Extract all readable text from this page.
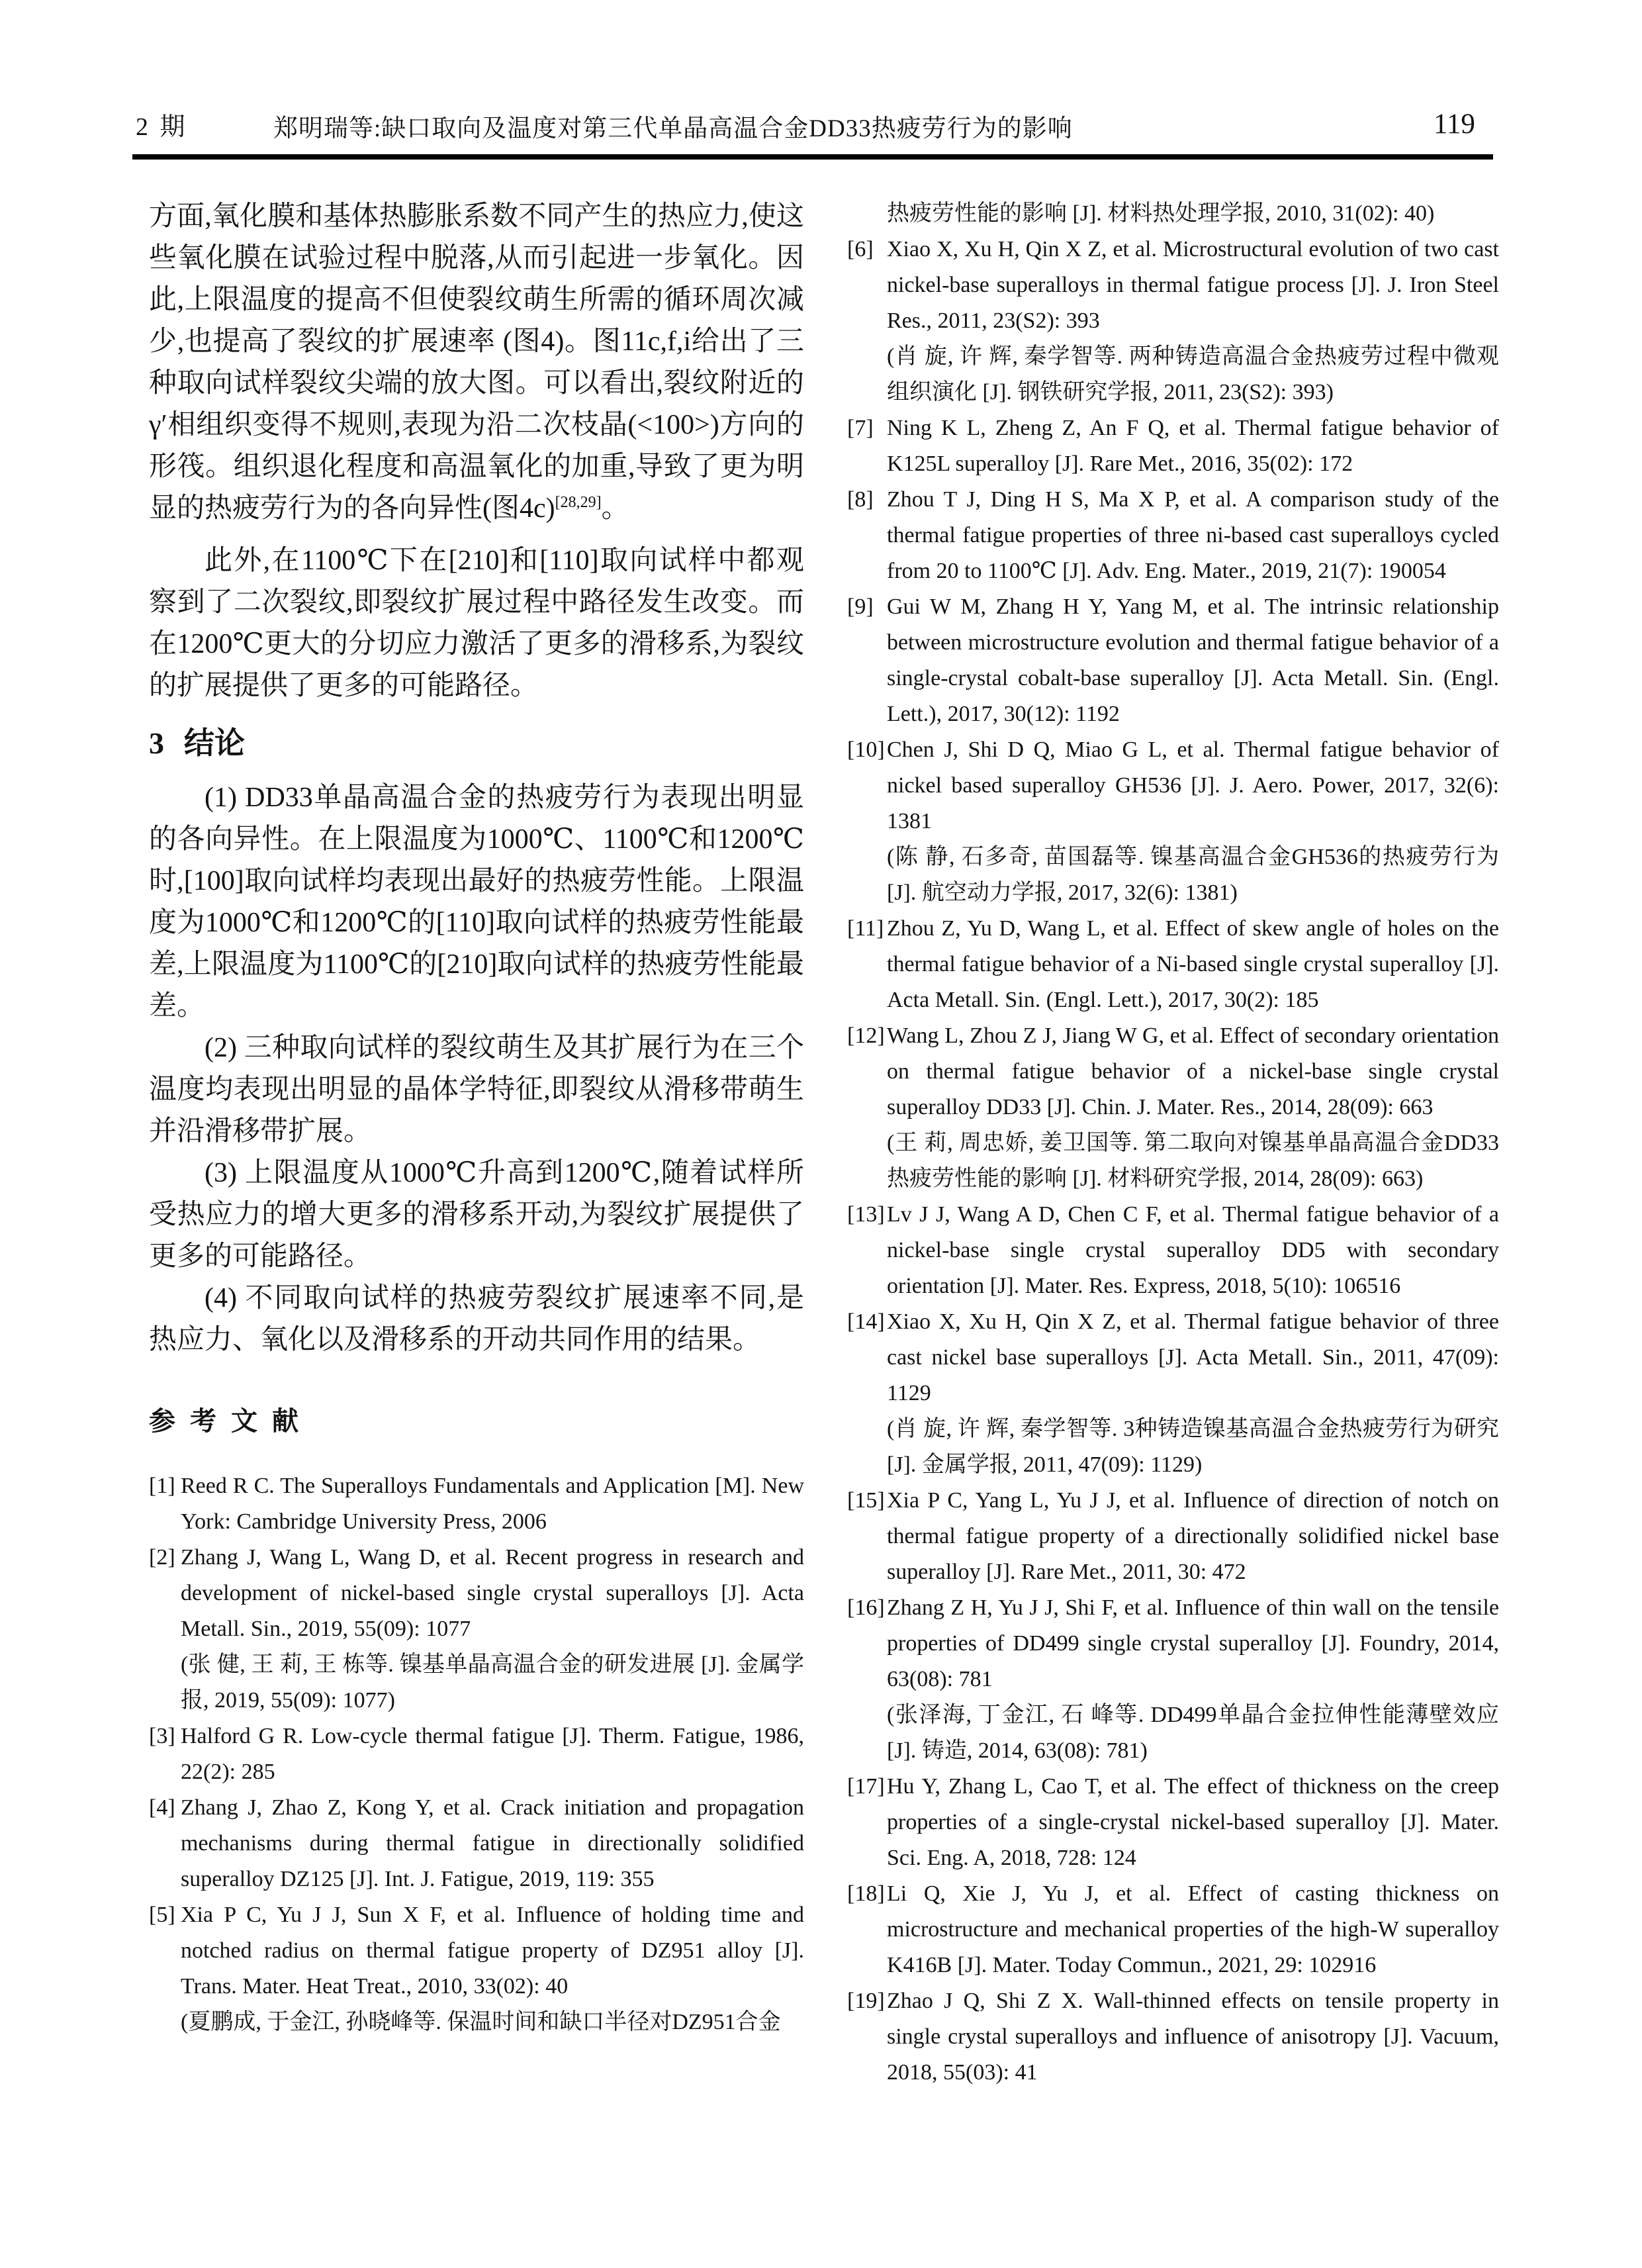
2 期	郑明瑞等:缺口取向及温度对第三代单晶高温合金DD33热疲劳行为的影响	119

方面,氧化膜和基体热膨胀系数不同产生的热应力,使这些氧化膜在试验过程中脱落,从而引起进一步氧化。因此,上限温度的提高不但使裂纹萌生所需的循环周次减少,也提高了裂纹的扩展速率 (图4)。图11c,f,i给出了三种取向试样裂纹尖端的放大图。可以看出,裂纹附近的γ′相组织变得不规则,表现为沿二次枝晶(<100>)方向的形筏。组织退化程度和高温氧化的加重,导致了更为明显的热疲劳行为的各向异性(图4c)[28,29]。

此外,在1100℃下在[210]和[110]取向试样中都观察到了二次裂纹,即裂纹扩展过程中路径发生改变。而在1200℃更大的分切应力激活了更多的滑移系,为裂纹的扩展提供了更多的可能路径。

3 结论

(1) DD33单晶高温合金的热疲劳行为表现出明显的各向异性。在上限温度为1000℃、1100℃和1200℃时,[100]取向试样均表现出最好的热疲劳性能。上限温度为1000℃和1200℃的[110]取向试样的热疲劳性能最差,上限温度为1100℃的[210]取向试样的热疲劳性能最差。

(2) 三种取向试样的裂纹萌生及其扩展行为在三个温度均表现出明显的晶体学特征,即裂纹从滑移带萌生并沿滑移带扩展。

(3) 上限温度从1000℃升高到1200℃,随着试样所受热应力的增大更多的滑移系开动,为裂纹扩展提供了更多的可能路径。

(4) 不同取向试样的热疲劳裂纹扩展速率不同,是热应力、氧化以及滑移系的开动共同作用的结果。

参 考 文 献
[1] Reed R C. The Superalloys Fundamentals and Application [M]. New York: Cambridge University Press, 2006
[2] Zhang J, Wang L, Wang D, et al. Recent progress in research and development of nickel-based single crystal superalloys [J]. Acta Metall. Sin., 2019, 55(09): 1077
(张 健, 王 莉, 王 栋等. 镍基单晶高温合金的研发进展 [J]. 金属学报, 2019, 55(09): 1077)
[3] Halford G R. Low-cycle thermal fatigue [J]. Therm. Fatigue, 1986, 22(2): 285
[4] Zhang J, Zhao Z, Kong Y, et al. Crack initiation and propagation mechanisms during thermal fatigue in directionally solidified superalloy DZ125 [J]. Int. J. Fatigue, 2019, 119: 355
[5] Xia P C, Yu J J, Sun X F, et al. Influence of holding time and notched radius on thermal fatigue property of DZ951 alloy [J]. Trans. Mater. Heat Treat., 2010, 33(02): 40
(夏鹏成, 于金江, 孙晓峰等. 保温时间和缺口半径对DZ951合金
热疲劳性能的影响 [J]. 材料热处理学报, 2010, 31(02): 40)
[6] Xiao X, Xu H, Qin X Z, et al. Microstructural evolution of two cast nickel-base superalloys in thermal fatigue process [J]. J. Iron Steel Res., 2011, 23(S2): 393
(肖 旋, 许 辉, 秦学智等. 两种铸造高温合金热疲劳过程中微观组织演化 [J]. 钢铁研究学报, 2011, 23(S2): 393)
[7] Ning K L, Zheng Z, An F Q, et al. Thermal fatigue behavior of K125L superalloy [J]. Rare Met., 2016, 35(02): 172
[8] Zhou T J, Ding H S, Ma X P, et al. A comparison study of the thermal fatigue properties of three ni-based cast superalloys cycled from 20 to 1100℃ [J]. Adv. Eng. Mater., 2019, 21(7): 190054
[9] Gui W M, Zhang H Y, Yang M, et al. The intrinsic relationship between microstructure evolution and thermal fatigue behavior of a single-crystal cobalt-base superalloy [J]. Acta Metall. Sin. (Engl. Lett.), 2017, 30(12): 1192
[10] Chen J, Shi D Q, Miao G L, et al. Thermal fatigue behavior of nickel based superalloy GH536 [J]. J. Aero. Power, 2017, 32(6): 1381
(陈 静, 石多奇, 苗国磊等. 镍基高温合金GH536的热疲劳行为 [J]. 航空动力学报, 2017, 32(6): 1381)
[11] Zhou Z, Yu D, Wang L, et al. Effect of skew angle of holes on the thermal fatigue behavior of a Ni-based single crystal superalloy [J]. Acta Metall. Sin. (Engl. Lett.), 2017, 30(2): 185
[12] Wang L, Zhou Z J, Jiang W G, et al. Effect of secondary orientation on thermal fatigue behavior of a nickel-base single crystal superalloy DD33 [J]. Chin. J. Mater. Res., 2014, 28(09): 663
(王 莉, 周忠娇, 姜卫国等. 第二取向对镍基单晶高温合金DD33热疲劳性能的影响 [J]. 材料研究学报, 2014, 28(09): 663)
[13] Lv J J, Wang A D, Chen C F, et al. Thermal fatigue behavior of a nickel-base single crystal superalloy DD5 with secondary orientation [J]. Mater. Res. Express, 2018, 5(10): 106516
[14] Xiao X, Xu H, Qin X Z, et al. Thermal fatigue behavior of three cast nickel base superalloys [J]. Acta Metall. Sin., 2011, 47(09): 1129
(肖 旋, 许 辉, 秦学智等. 3种铸造镍基高温合金热疲劳行为研究 [J]. 金属学报, 2011, 47(09): 1129)
[15] Xia P C, Yang L, Yu J J, et al. Influence of direction of notch on thermal fatigue property of a directionally solidified nickel base superalloy [J]. Rare Met., 2011, 30: 472
[16] Zhang Z H, Yu J J, Shi F, et al. Influence of thin wall on the tensile properties of DD499 single crystal superalloy [J]. Foundry, 2014, 63(08): 781
(张泽海, 丁金江, 石 峰等. DD499单晶合金拉伸性能薄壁效应 [J]. 铸造, 2014, 63(08): 781)
[17] Hu Y, Zhang L, Cao T, et al. The effect of thickness on the creep properties of a single-crystal nickel-based superalloy [J]. Mater. Sci. Eng. A, 2018, 728: 124
[18] Li Q, Xie J, Yu J, et al. Effect of casting thickness on microstructure and mechanical properties of the high-W superalloy K416B [J]. Mater. Today Commun., 2021, 29: 102916
[19] Zhao J Q, Shi Z X. Wall-thinned effects on tensile property in single crystal superalloys and influence of anisotropy [J]. Vacuum, 2018, 55(03): 41
